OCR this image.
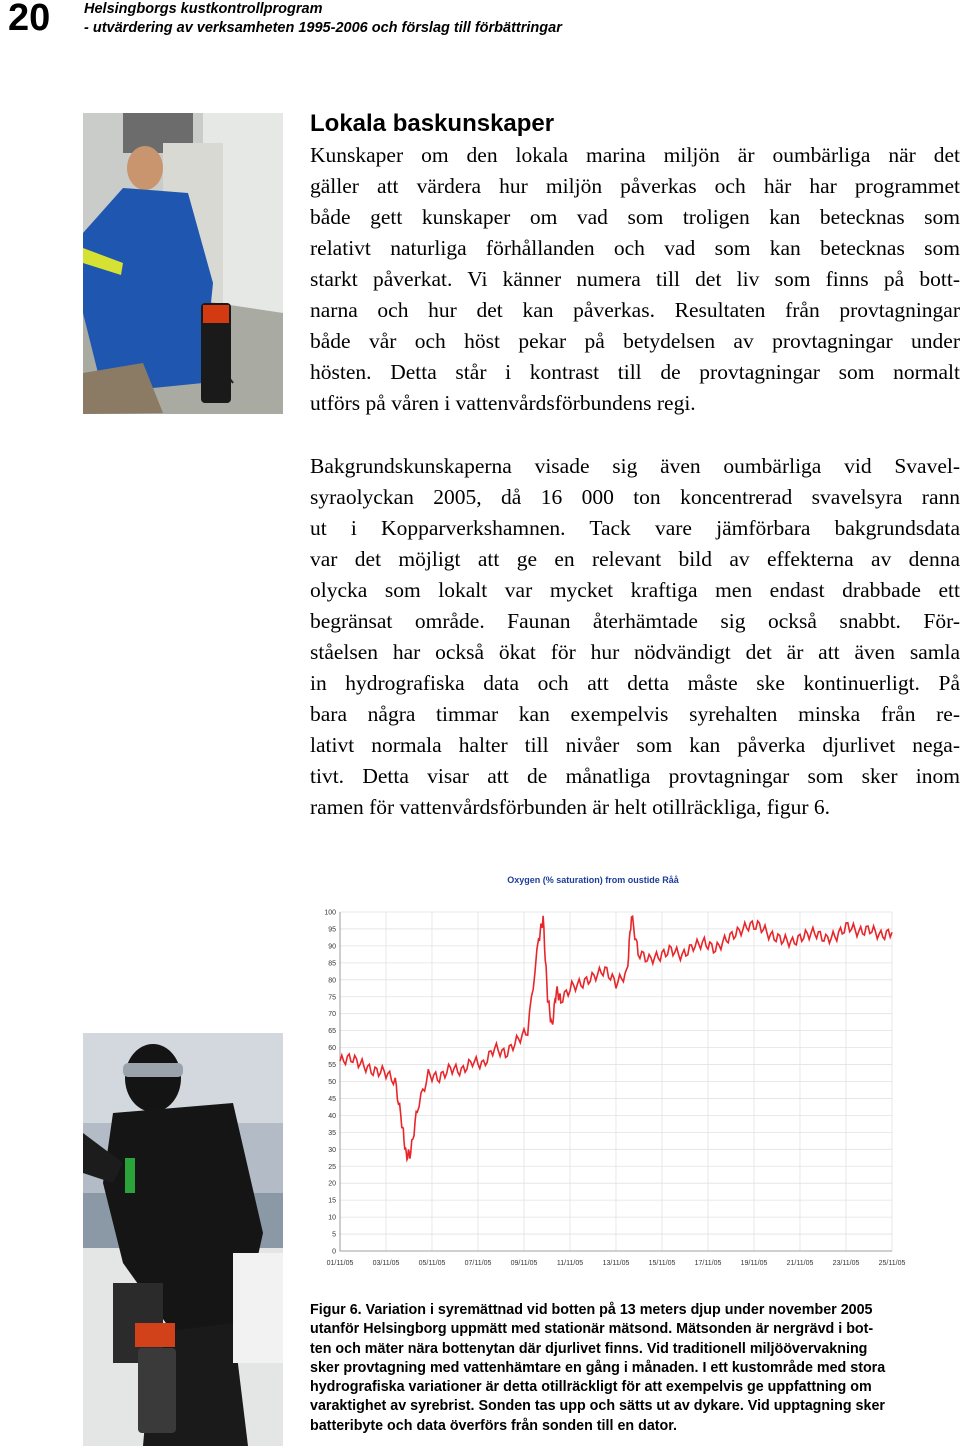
20 Helsingborgs kustkontrollprogram
- utvärdering av verksamheten 1995-2006 och förslag till förbättringar
Lokala baskunskaper
Kunskaper om den lokala marina miljön är oumbärliga när det
gäller att värdera hur miljön påverkas och här har programmet
både gett kunskaper om vad som troligen kan betecknas som
relativt naturliga förhållanden och vad som kan betecknas som
starkt påverkat. Vi känner numera till det liv som finns på bott-
narna och hur det kan påverkas. Resultaten från provtagningar
både vår och höst pekar på betydelsen av provtagningar under
hösten. Detta står i kontrast till de provtagningar som normalt
utförs på våren i vattenvårdsförbundens regi.
Bakgrundskunskaperna visade sig även oumbärliga vid Svavel-
syraolyckan 2005, då 16 000 ton koncentrerad svavelsyra rann
ut i Kopparverkshamnen. Tack vare jämförbara bakgrundsdata
var det möjligt att ge en relevant bild av effekterna av denna
olycka som lokalt var mycket kraftiga men endast drabbade ett
begränsat område. Faunan återhämtade sig också snabbt. För-
ståelsen har också ökat för hur nödvändigt det är att även samla
in hydrografiska data och att detta måste ske kontinuerligt. På
bara några timmar kan exempelvis syrehalten minska från re-
lativt normala halter till nivåer som kan påverka djurlivet nega-
tivt. Detta visar att de månatliga provtagningar som sker inom
ramen för vattenvårdsförbunden är helt otillräckliga, figur 6.
Oxygen (% saturation) from oustide Råå
100
95
90
85
80
75
70
65
60
55
50
45
40
35
30
25
20
15
10
5
0
01/11/05	03/11/05	05/11/05	07/11/05	09/11/05	11/11/05	13/11/05	15/11/05	17/11/05	19/11/05	21/11/05	23/11/05	25/11/05
Figur 6. Variation i syremättnad vid botten på 13 meters djup under november 2005
utanför Helsingborg uppmätt med stationär mätsond. Mätsonden är nergrävd i bot-
ten och mäter nära bottenytan där djurlivet finns. Vid traditionell miljöövervakning
sker provtagning med vattenhämtare en gång i månaden. I ett kustområde med stora
hydrografiska variationer är detta otillräckligt för att exempelvis ge uppfattning om
varaktighet av syrebrist. Sonden tas upp och sätts ut av dykare. Vid upptagning sker
batteribyte och data överförs från sonden till en dator.
